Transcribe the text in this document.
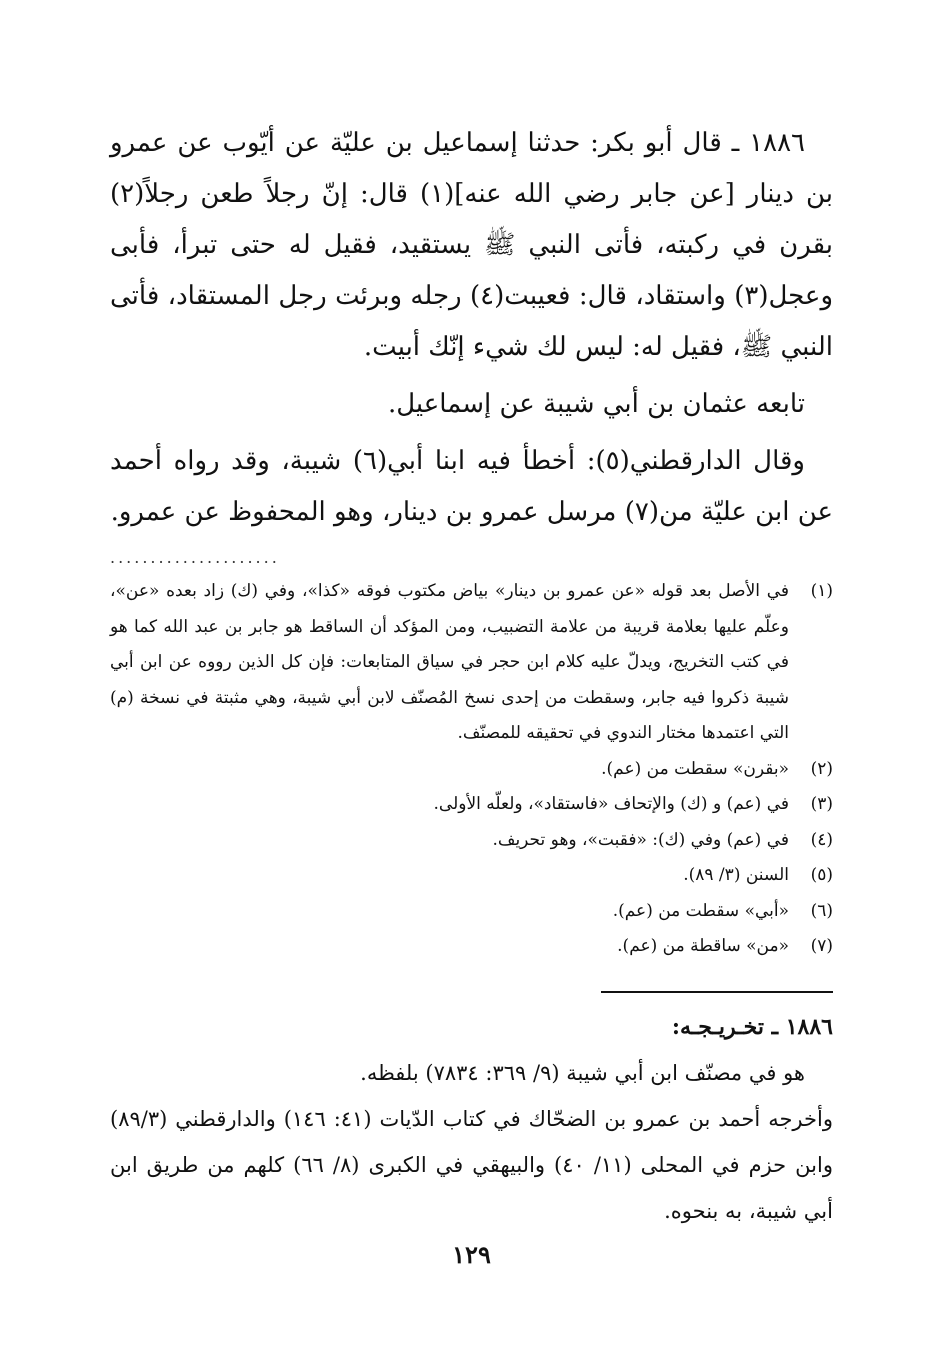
١٨٨٦ ـ قال أبو بكر: حدثنا إسماعيل بن عليّة عن أيّوب عن عمرو بن دينار [عن جابر رضي الله عنه](١) قال: إنّ رجلاً طعن رجلاً(٢) بقرن في ركبته، فأتى النبي ﷺ يستقيد، فقيل له حتى تبرأ، فأبى وعجل(٣) واستقاد، قال: فعيبت(٤) رجله وبرئت رجل المستقاد، فأتى النبي ﷺ، فقيل له: ليس لك شيء إنّك أبيت.

تابعه عثمان بن أبي شيبة عن إسماعيل.

وقال الدارقطني(٥): أخطأ فيه ابنا أبي(٦) شيبة، وقد رواه أحمد عن ابن عليّة من(٧) مرسل عمرو بن دينار، وهو المحفوظ عن عمرو.

.....................
(١)
في الأصل بعد قوله «عن عمرو بن دينار» بياض مكتوب فوقه «كذا»، وفي (ك) زاد بعده «عن»، وعلّم عليها بعلامة قريبة من علامة التضبيب، ومن المؤكد أن الساقط هو جابر بن عبد الله كما هو في كتب التخريج، ويدلّ عليه كلام ابن حجر في سياق المتابعات: فإن كل الذين رووه عن ابن أبي شيبة ذكروا فيه جابر، وسقطت من إحدى نسخ المُصنّف لابن أبي شيبة، وهي مثبتة في نسخة (م) التي اعتمدها مختار الندوي في تحقيقه للمصنّف.
(٢)
«بقرن» سقطت من (عم).
(٣)
في (عم) و (ك) والإتحاف «فاستقاد»، ولعلّه الأولى.
(٤)
في (عم) وفي (ك): «فقبت»، وهو تحريف.
(٥)
السنن (٣/ ٨٩).
(٦)
«أبي» سقطت من (عم).
(٧)
«من» ساقطة من (عم).

١٨٨٦ ـ تخـريـجـه:

هو في مصنّف ابن أبي شيبة (٩/ ٣٦٩: ٧٨٣٤) بلفظه.

وأخرجه أحمد بن عمرو بن الضحّاك في كتاب الدّيات (٤١: ١٤٦) والدارقطني (٨٩/٣) وابن حزم في المحلى (١١/ ٤٠) والبيهقي في الكبرى (٨/ ٦٦) كلهم من طريق ابن أبي شيبة، به بنحوه.

١٢٩
